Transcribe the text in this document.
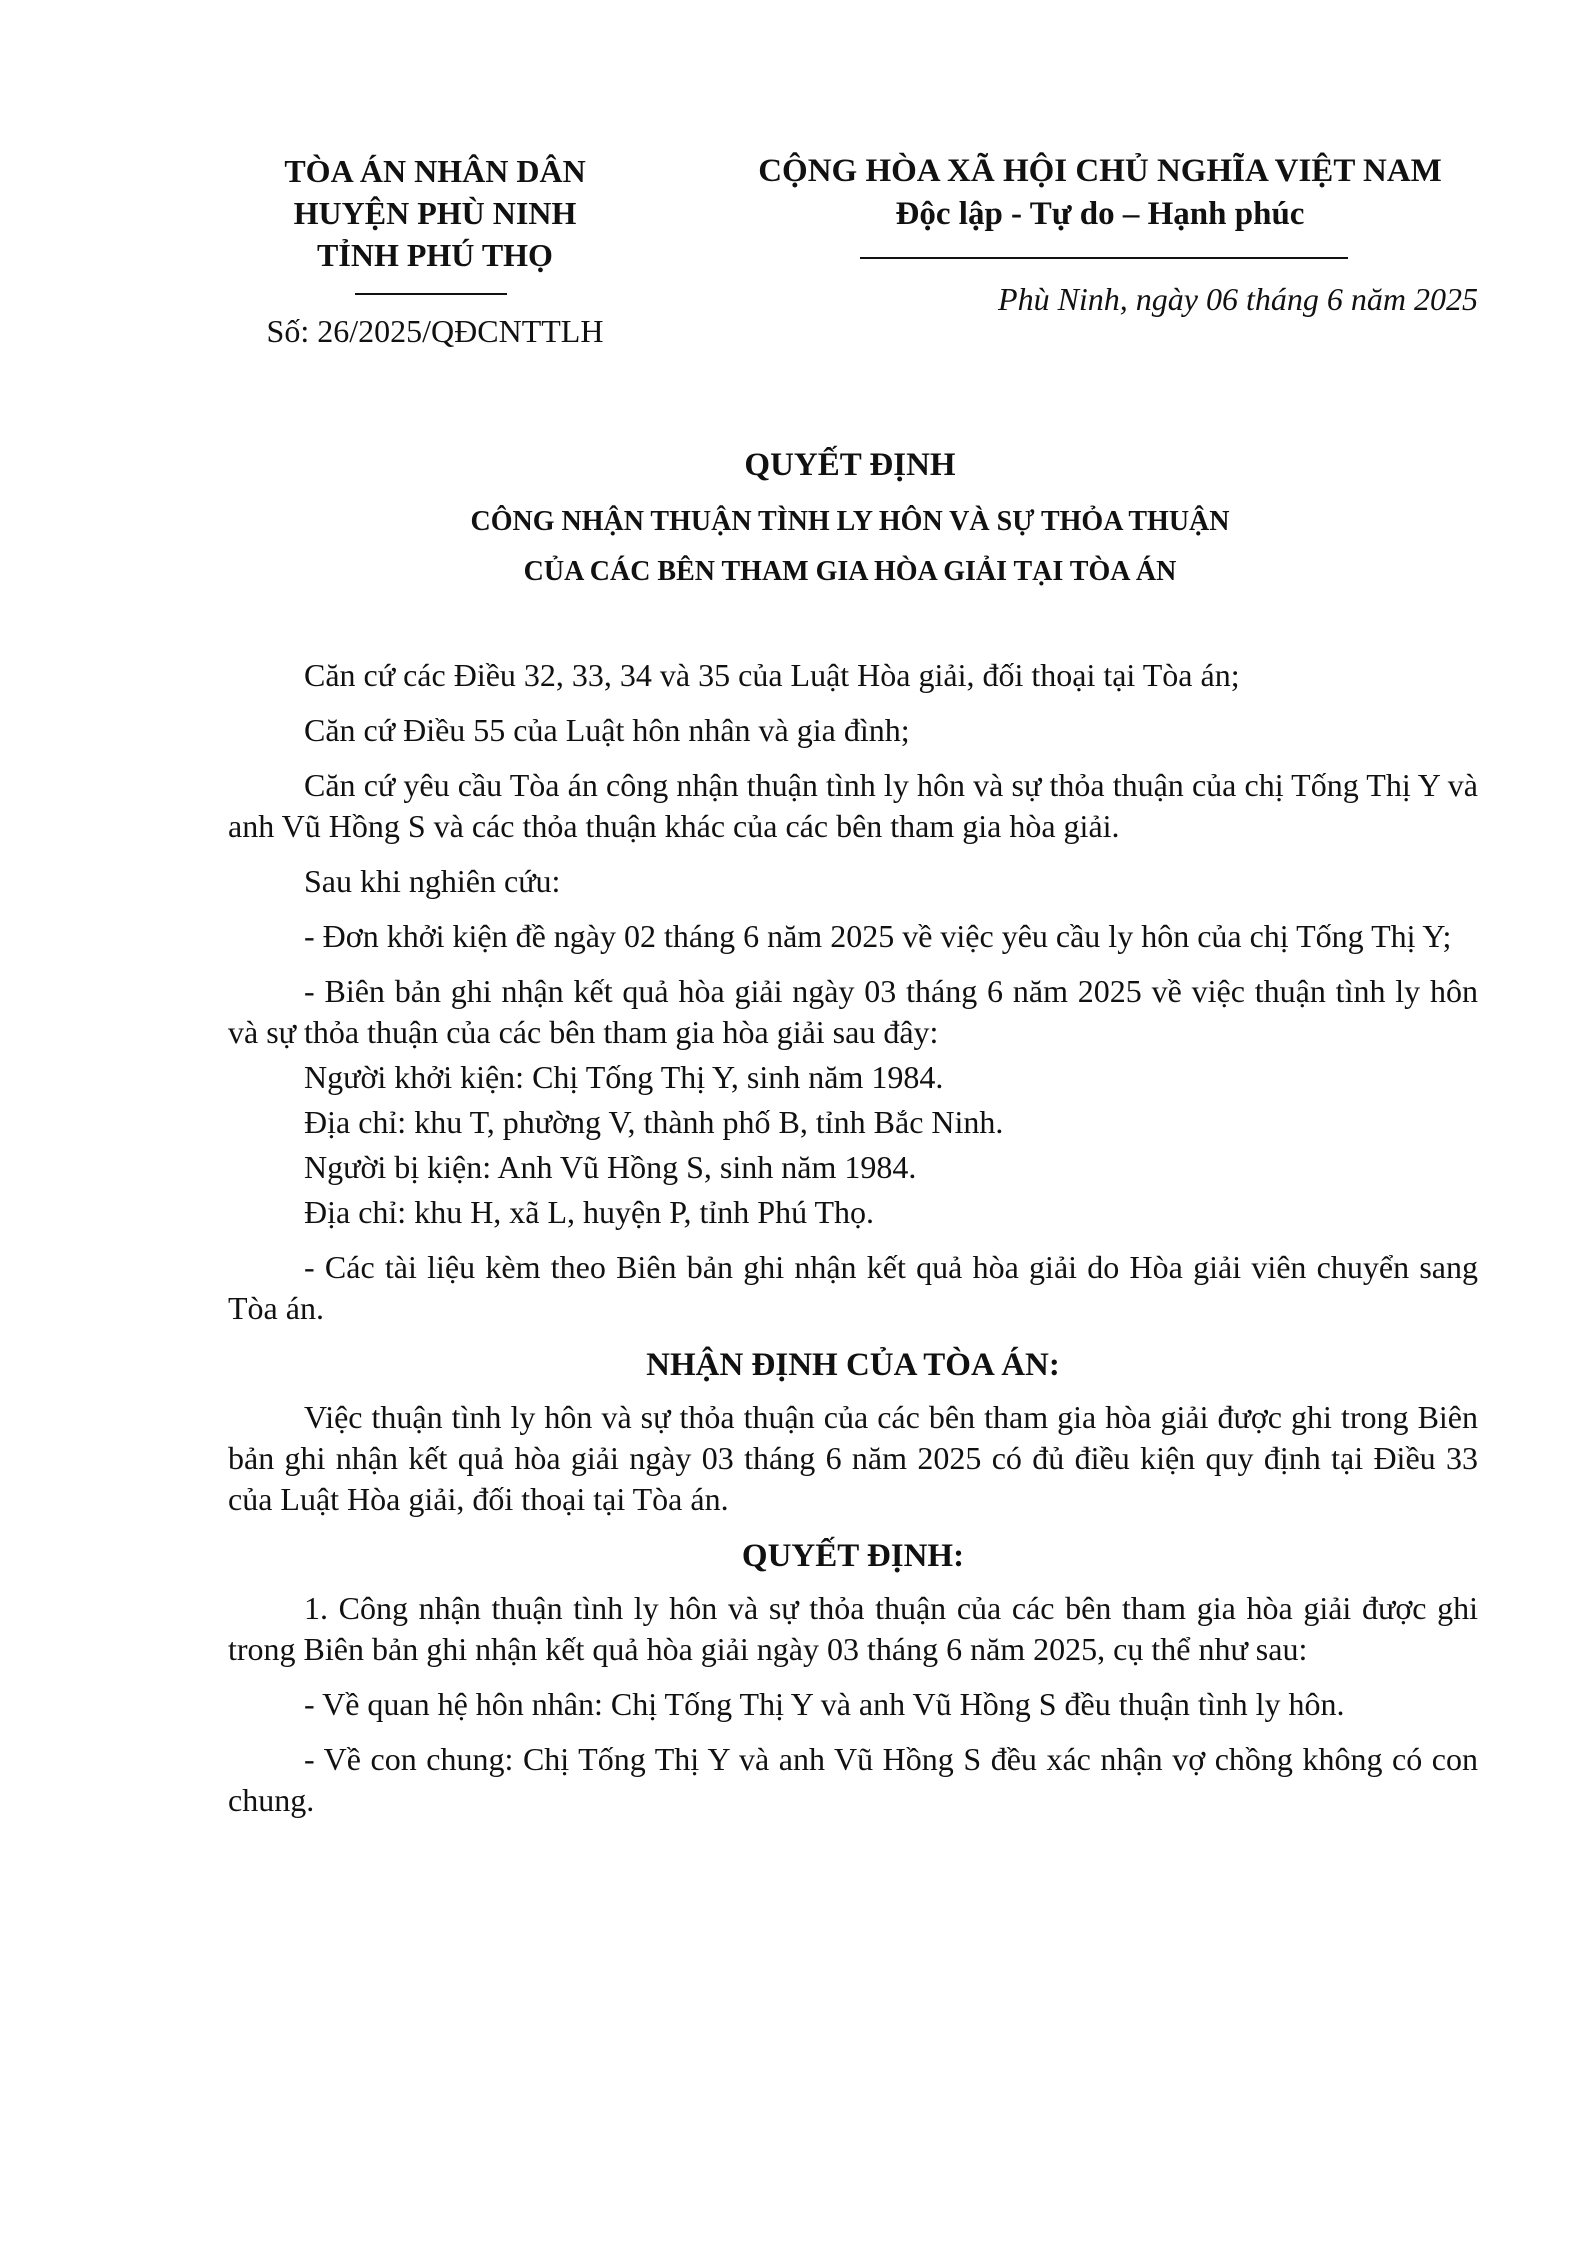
TÒA ÁN NHÂN DÂN
HUYỆN PHÙ NINH
TỈNH PHÚ THỌ
Số: 26/2025/QĐCNTTLH
CỘNG HÒA XÃ HỘI CHỦ NGHĨA VIỆT NAM
Độc lập - Tự do – Hạnh phúc
Phù Ninh, ngày 06 tháng 6 năm 2025
QUYẾT ĐỊNH
CÔNG NHẬN THUẬN TÌNH LY HÔN VÀ SỰ THỎA THUẬN
CỦA CÁC BÊN THAM GIA HÒA GIẢI TẠI TÒA ÁN

Căn cứ các Điều 32, 33, 34 và 35 của Luật Hòa giải, đối thoại tại Tòa án;

Căn cứ Điều 55 của Luật hôn nhân và gia đình;

Căn cứ yêu cầu Tòa án công nhận thuận tình ly hôn và sự thỏa thuận của chị Tống Thị Y và anh Vũ Hồng S và các thỏa thuận khác của các bên tham gia hòa giải.

Sau khi nghiên cứu:

- Đơn khởi kiện đề ngày 02 tháng 6 năm 2025 về việc yêu cầu ly hôn của chị Tống Thị Y;

- Biên bản ghi nhận kết quả hòa giải ngày 03 tháng 6 năm 2025 về việc thuận tình ly hôn và sự thỏa thuận của các bên tham gia hòa giải sau đây:

Người khởi kiện: Chị Tống Thị Y, sinh năm 1984.

Địa chỉ: khu T, phường V, thành phố B, tỉnh Bắc Ninh.

Người bị kiện: Anh Vũ Hồng S, sinh năm 1984.

Địa chỉ: khu H, xã L, huyện P, tỉnh Phú Thọ.

- Các tài liệu kèm theo Biên bản ghi nhận kết quả hòa giải do Hòa giải viên chuyển sang Tòa án.

NHẬN ĐỊNH CỦA TÒA ÁN:

Việc thuận tình ly hôn và sự thỏa thuận của các bên tham gia hòa giải được ghi trong Biên bản ghi nhận kết quả hòa giải ngày 03 tháng 6 năm 2025 có đủ điều kiện quy định tại Điều 33 của Luật Hòa giải, đối thoại tại Tòa án.

QUYẾT ĐỊNH:

1. Công nhận thuận tình ly hôn và sự thỏa thuận của các bên tham gia hòa giải được ghi trong Biên bản ghi nhận kết quả hòa giải ngày 03 tháng 6 năm 2025, cụ thể như sau:

- Về quan hệ hôn nhân: Chị Tống Thị Y và anh Vũ Hồng S đều thuận tình ly hôn.

- Về con chung: Chị Tống Thị Y và anh Vũ Hồng S đều xác nhận vợ chồng không có con chung.
